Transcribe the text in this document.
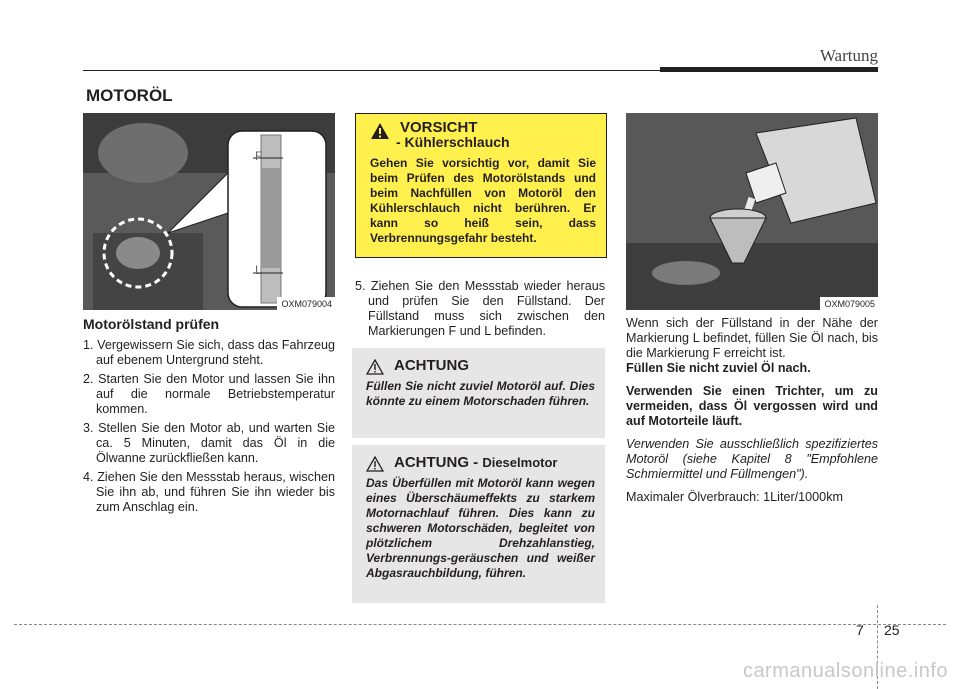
Wartung
MOTORÖL
F
L
OXM079004
Motorölstand prüfen
1. Vergewissern Sie sich, dass das Fahrzeug auf ebenem Untergrund steht.
2. Starten Sie den Motor und lassen Sie ihn auf die normale Betriebstemperatur kommen.
3. Stellen Sie den Motor ab, und warten Sie ca. 5 Minuten, damit das Öl in die Ölwanne zurückfließen kann.
4. Ziehen Sie den Messstab heraus, wischen Sie ihn ab, und führen Sie ihn wieder bis zum Anschlag ein.
VORSICHT
- Kühlerschlauch
Gehen Sie vorsichtig vor, damit Sie beim Prüfen des Motorölstands und beim Nachfüllen von Motoröl den Kühlerschlauch nicht berühren. Er kann so heiß sein, dass Verbrennungsgefahr besteht.
5. Ziehen Sie den Messstab wieder heraus und prüfen Sie den Füllstand. Der Füllstand muss sich zwischen den Markierungen F und L befinden.
ACHTUNG
Füllen Sie nicht zuviel Motoröl auf. Dies könnte zu einem Motorschaden führen.
ACHTUNG - Dieselmotor
Das Überfüllen mit Motoröl kann wegen eines Überschäumeffekts zu starkem Motornachlauf führen. Dies kann zu schweren Motorschäden, begleitet von plötzlichem Drehzahlanstieg, Verbrennungs-geräuschen und weißer Abgasrauchbildung, führen.
OXM079005

Wenn sich der Füllstand in der Nähe der Markierung L befindet, füllen Sie Öl nach, bis die Markierung F erreicht ist.
Füllen Sie nicht zuviel Öl nach.

Verwenden Sie einen Trichter, um zu vermeiden, dass Öl vergossen wird und auf Motorteile läuft.

Verwenden Sie ausschließlich spezifiziertes Motoröl (siehe Kapitel 8 "Empfohlene Schmiermittel und Füllmengen").

Maximaler Ölverbrauch: 1Liter/1000km

7 25
carmanualsonline.info
